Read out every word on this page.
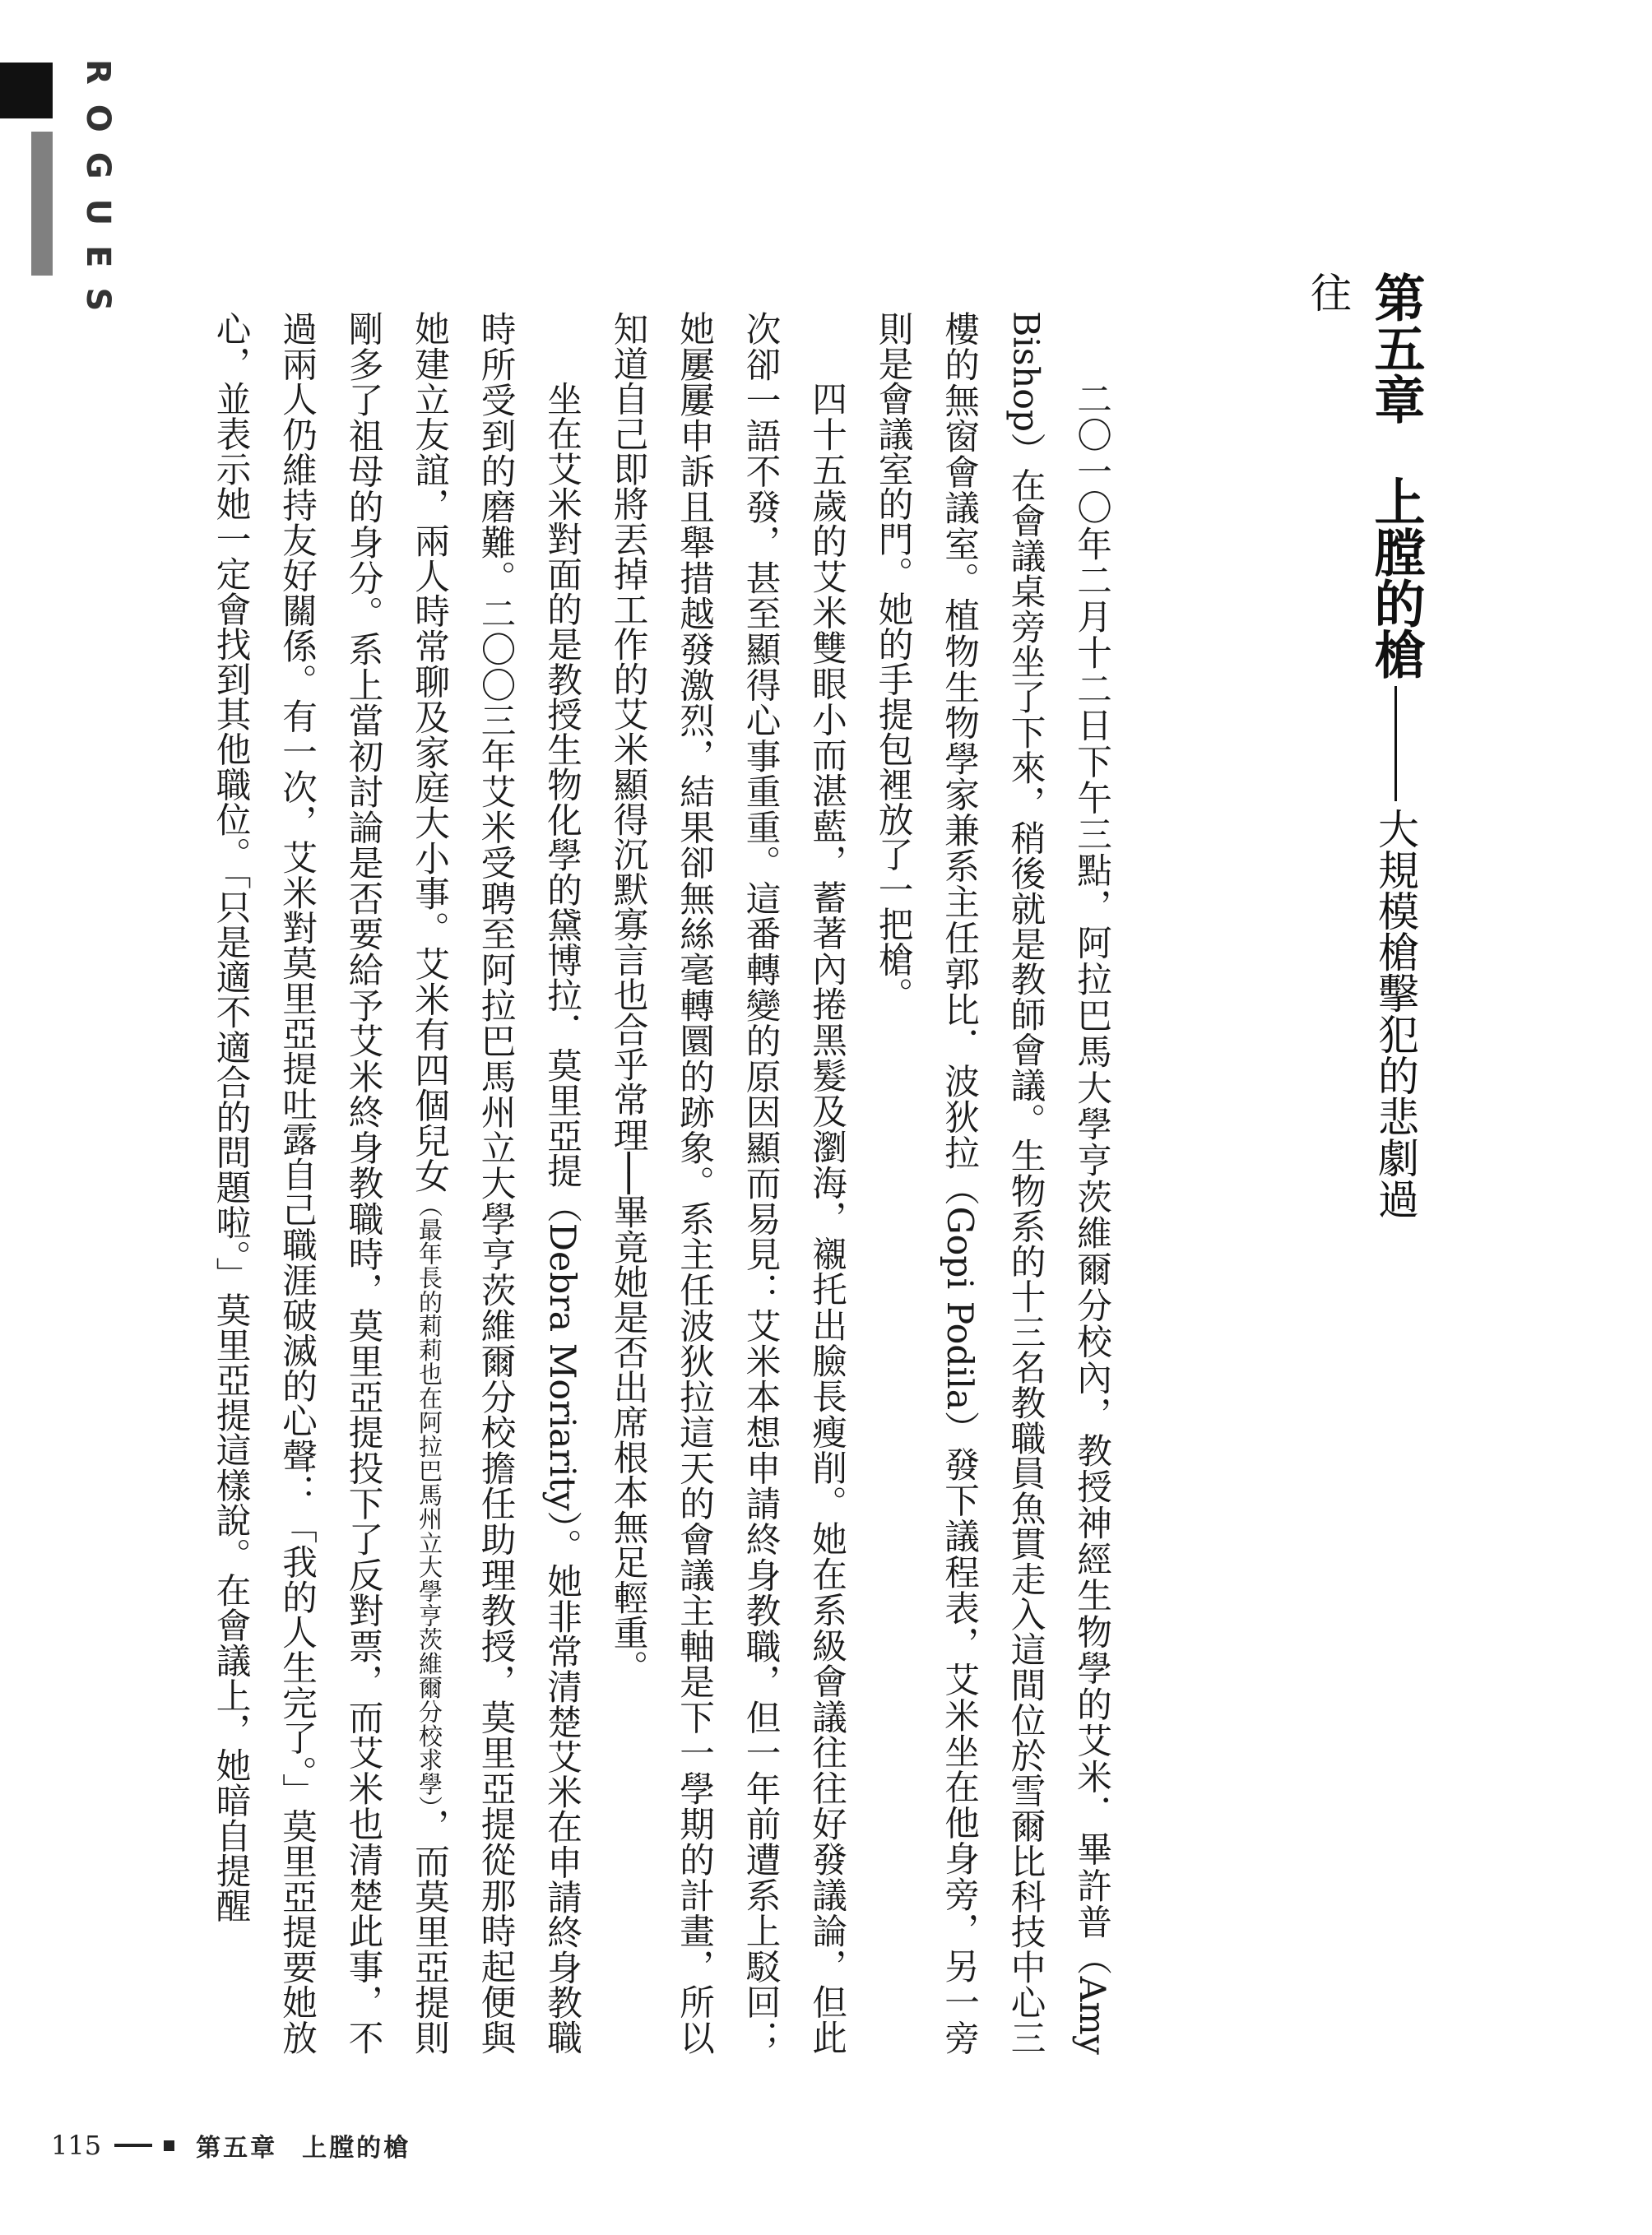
ROGUES
第五章　上膛的槍大規模槍擊犯的悲劇過往

二〇一〇年二月十二日下午三點，阿拉巴馬大學亨茨維爾分校內，教授神經生物學的艾米．畢許普（Amy Bishop）在會議桌旁坐了下來，稍後就是教師會議。生物系的十三名教職員魚貫走入這間位於雪爾比科技中心三樓的無窗會議室。植物生物學家兼系主任郭比．波狄拉（Gopi Podila）發下議程表，艾米坐在他身旁，另一旁則是會議室的門。她的手提包裡放了一把槍。

四十五歲的艾米雙眼小而湛藍，蓄著內捲黑髮及瀏海，襯托出臉長瘦削。她在系級會議往往好發議論，但此次卻一語不發，甚至顯得心事重重。這番轉變的原因顯而易見：艾米本想申請終身教職，但一年前遭系上駁回；她屢屢申訴且舉措越發激烈，結果卻無絲毫轉圜的跡象。系主任波狄拉這天的會議主軸是下一學期的計畫，所以知道自己即將丟掉工作的艾米顯得沉默寡言也合乎常理──畢竟她是否出席根本無足輕重。

坐在艾米對面的是教授生物化學的黛博拉．莫里亞提（Debra Moriarity）。她非常清楚艾米在申請終身教職時所受到的磨難。二〇〇三年艾米受聘至阿拉巴馬州立大學亨茨維爾分校擔任助理教授，莫里亞提從那時起便與她建立友誼，兩人時常聊及家庭大小事。艾米有四個兒女（最年長的莉莉也在阿拉巴馬州立大學亨茨維爾分校求學），而莫里亞提則剛多了祖母的身分。系上當初討論是否要給予艾米終身教職時，莫里亞提投下了反對票，而艾米也清楚此事，不過兩人仍維持友好關係。有一次，艾米對莫里亞提吐露自己職涯破滅的心聲：「我的人生完了。」莫里亞提要她放心，並表示她一定會找到其他職位。「只是適不適合的問題啦。」莫里亞提這樣說。在會議上，她暗自提醒

115	第五章 上膛的槍
